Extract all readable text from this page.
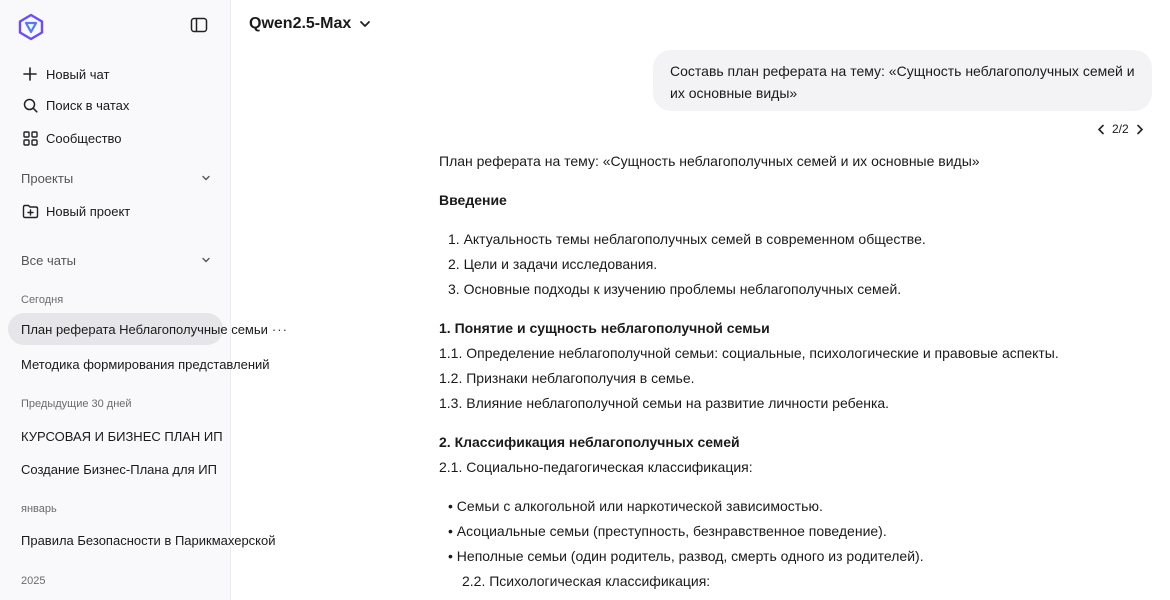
Новый чат
Поиск в чатах
Сообщество
Проекты
Новый проект
Все чаты
Сегодня
План реферата Неблагополучные семьи ···
Методика формирования представлений
Предыдущие 30 дней
КУРСОВАЯ И БИЗНЕС ПЛАН ИП
Создание Бизнес-Плана для ИП
январь
Правила Безопасности в Парикмахерской
2025
Qwen2.5-Max
Составь план реферата на тему: «Сущность неблагополучных семей и их основные виды»
2/2
План реферата на тему: «Сущность неблагополучных семей и их основные виды»
Введение
1. Актуальность темы неблагополучных семей в современном обществе.
2. Цели и задачи исследования.
3. Основные подходы к изучению проблемы неблагополучных семей.
1. Понятие и сущность неблагополучной семьи
1.1. Определение неблагополучной семьи: социальные, психологические и правовые аспекты.
1.2. Признаки неблагополучия в семье.
1.3. Влияние неблагополучной семьи на развитие личности ребенка.
2. Классификация неблагополучных семей
2.1. Социально-педагогическая классификация:
• Семьи с алкогольной или наркотической зависимостью.
• Асоциальные семьи (преступность, безнравственное поведение).
• Неполные семьи (один родитель, развод, смерть одного из родителей).
2.2. Психологическая классификация:
